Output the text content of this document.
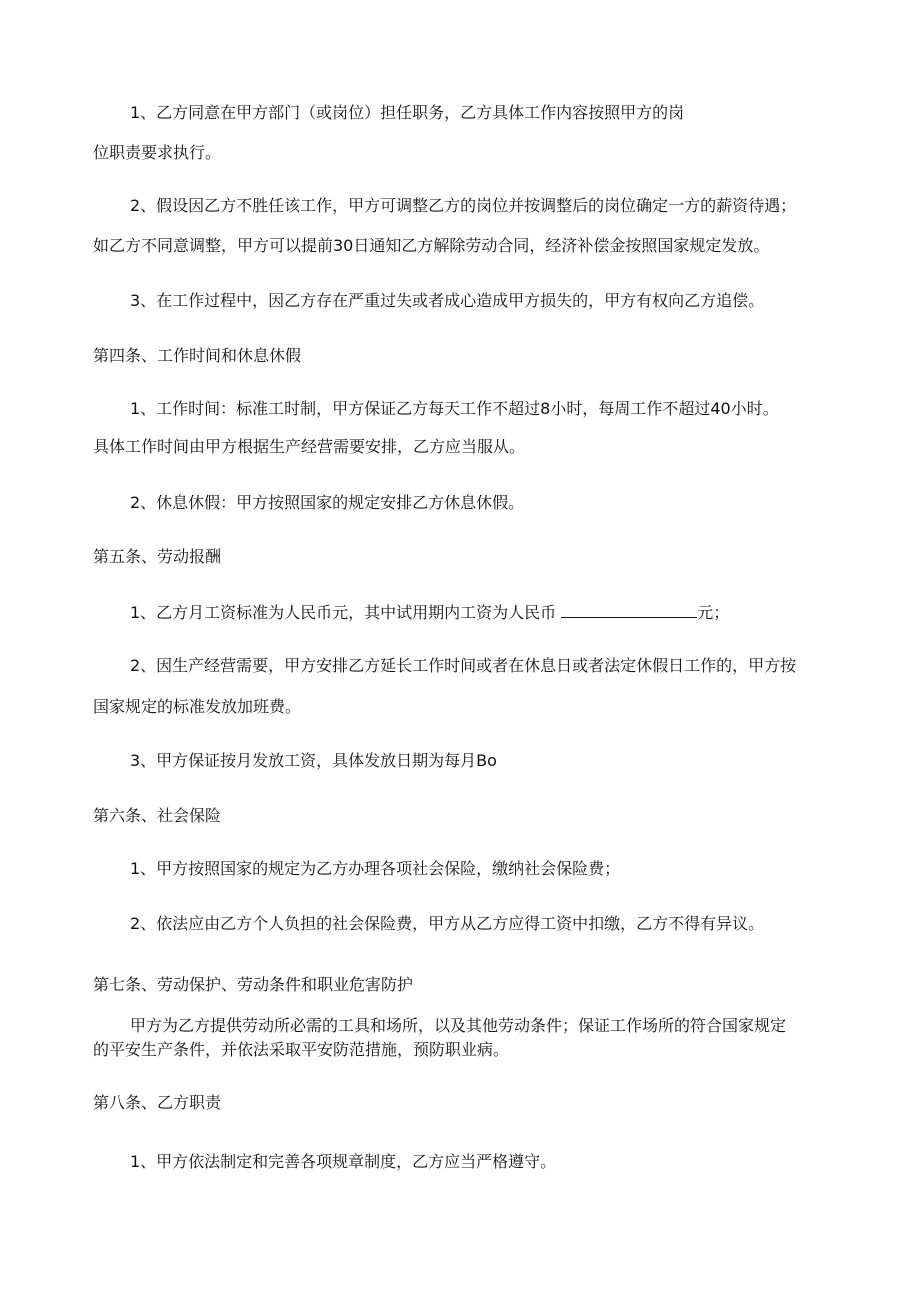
1、乙方同意在甲方部门（或岗位）担任职务，乙方具体工作内容按照甲方的岗
位职责要求执行。
2、假设因乙方不胜任该工作，甲方可调整乙方的岗位并按调整后的岗位确定一方的薪资待遇；
如乙方不同意调整，甲方可以提前30日通知乙方解除劳动合同，经济补偿金按照国家规定发放。
3、在工作过程中，因乙方存在严重过失或者成心造成甲方损失的，甲方有权向乙方追偿。
第四条、工作时间和休息休假
1、工作时间：标准工时制，甲方保证乙方每天工作不超过8小时，每周工作不超过40小时。
具体工作时间由甲方根据生产经营需要安排，乙方应当服从。
2、休息休假：甲方按照国家的规定安排乙方休息休假。
第五条、劳动报酬
1、乙方月工资标准为人民币元，其中试用期内工资为人民币	元；
2、因生产经营需要，甲方安排乙方延长工作时间或者在休息日或者法定休假日工作的，甲方按
国家规定的标准发放加班费。
3、甲方保证按月发放工资，具体发放日期为每月Bo
第六条、社会保险
1、甲方按照国家的规定为乙方办理各项社会保险，缴纳社会保险费；
2、依法应由乙方个人负担的社会保险费，甲方从乙方应得工资中扣缴，乙方不得有异议。
第七条、劳动保护、劳动条件和职业危害防护
甲方为乙方提供劳动所必需的工具和场所，以及其他劳动条件；保证工作场所的符合国家规定
的平安生产条件，并依法采取平安防范措施，预防职业病。
第八条、乙方职责
1、甲方依法制定和完善各项规章制度，乙方应当严格遵守。
